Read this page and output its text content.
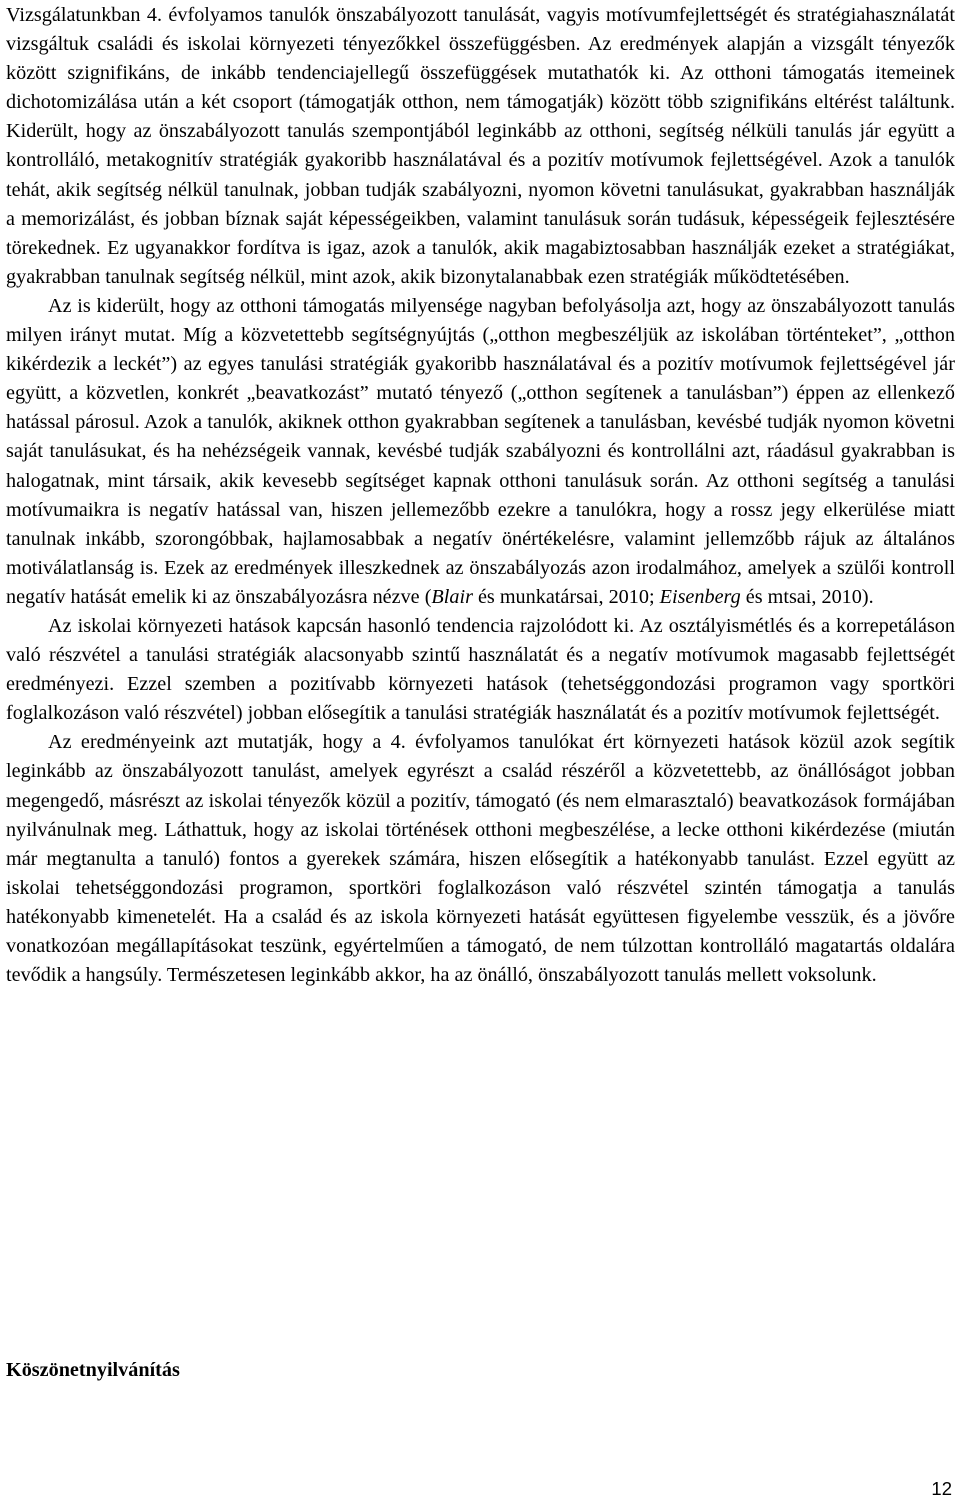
Vizsgálatunkban 4. évfolyamos tanulók önszabályozott tanulását, vagyis motívumfejlettségét és stratégiahasználatát vizsgáltuk családi és iskolai környezeti tényezőkkel összefüggésben. Az eredmények alapján a vizsgált tényezők között szignifikáns, de inkább tendenciajellegű összefüggések mutathatók ki. Az otthoni támogatás itemeinek dichotomizálása után a két csoport (támogatják otthon, nem támogatják) között több szignifikáns eltérést találtunk. Kiderült, hogy az önszabályozott tanulás szempontjából leginkább az otthoni, segítség nélküli tanulás jár együtt a kontrolláló, metakognitív stratégiák gyakoribb használatával és a pozitív motívumok fejlettségével. Azok a tanulók tehát, akik segítség nélkül tanulnak, jobban tudják szabályozni, nyomon követni tanulásukat, gyakrabban használják a memorizálást, és jobban bíznak saját képességeikben, valamint tanulásuk során tudásuk, képességeik fejlesztésére törekednek. Ez ugyanakkor fordítva is igaz, azok a tanulók, akik magabiztosabban használják ezeket a stratégiákat, gyakrabban tanulnak segítség nélkül, mint azok, akik bizonytalanabbak ezen stratégiák működtetésében.

Az is kiderült, hogy az otthoni támogatás milyensége nagyban befolyásolja azt, hogy az önszabályozott tanulás milyen irányt mutat. Míg a közvetettebb segítségnyújtás („otthon megbeszéljük az iskolában történteket”, „otthon kikérdezik a leckét”) az egyes tanulási stratégiák gyakoribb használatával és a pozitív motívumok fejlettségével jár együtt, a közvetlen, konkrét „beavatkozást” mutató tényező („otthon segítenek a tanulásban”) éppen az ellenkező hatással párosul. Azok a tanulók, akiknek otthon gyakrabban segítenek a tanulásban, kevésbé tudják nyomon követni saját tanulásukat, és ha nehézségeik vannak, kevésbé tudják szabályozni és kontrollálni azt, ráadásul gyakrabban is halogatnak, mint társaik, akik kevesebb segítséget kapnak otthoni tanulásuk során. Az otthoni segítség a tanulási motívumaikra is negatív hatással van, hiszen jellemezőbb ezekre a tanulókra, hogy a rossz jegy elkerülése miatt tanulnak inkább, szorongóbbak, hajlamosabbak a negatív önértékelésre, valamint jellemzőbb rájuk az általános motiválatlanság is. Ezek az eredmények illeszkednek az önszabályozás azon irodalmához, amelyek a szülői kontroll negatív hatását emelik ki az önszabályozásra nézve (Blair és munkatársai, 2010; Eisenberg és mtsai, 2010).

Az iskolai környezeti hatások kapcsán hasonló tendencia rajzolódott ki. Az osztályismétlés és a korrepetáláson való részvétel a tanulási stratégiák alacsonyabb szintű használatát és a negatív motívumok magasabb fejlettségét eredményezi. Ezzel szemben a pozitívabb környezeti hatások (tehetséggondozási programon vagy sportköri foglalkozáson való részvétel) jobban elősegítik a tanulási stratégiák használatát és a pozitív motívumok fejlettségét.

Az eredményeink azt mutatják, hogy a 4. évfolyamos tanulókat ért környezeti hatások közül azok segítik leginkább az önszabályozott tanulást, amelyek egyrészt a család részéről a közvetettebb, az önállóságot jobban megengedő, másrészt az iskolai tényezők közül a pozitív, támogató (és nem elmarasztaló) beavatkozások formájában nyilvánulnak meg. Láthattuk, hogy az iskolai történések otthoni megbeszélése, a lecke otthoni kikérdezése (miután már megtanulta a tanuló) fontos a gyerekek számára, hiszen elősegítik a hatékonyabb tanulást. Ezzel együtt az iskolai tehetséggondozási programon, sportköri foglalkozáson való részvétel szintén támogatja a tanulás hatékonyabb kimenetelét. Ha a család és az iskola környezeti hatását együttesen figyelembe vesszük, és a jövőre vonatkozóan megállapításokat teszünk, egyértelműen a támogató, de nem túlzottan kontrolláló magatartás oldalára tevődik a hangsúly. Természetesen leginkább akkor, ha az önálló, önszabályozott tanulás mellett voksolunk.

Köszönetnyilvánítás
12
